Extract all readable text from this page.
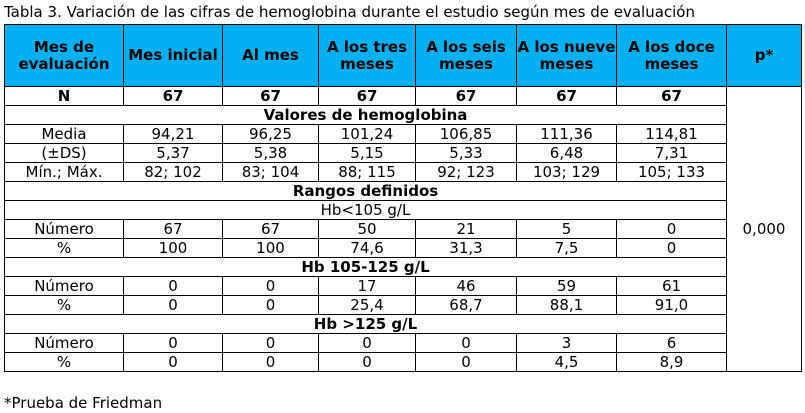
Tabla 3. Variación de las cifras de hemoglobina durante el estudio según mes de evaluación
Mes de evaluación	Mes inicial	Al mes	A los tres meses	A los seis meses	A los nueve meses	A los doce meses	p*
N	67	67	67	67	67	67	0,000
Valores de hemoglobina							
Media	94,21	96,25	101,24	106,85	111,36	114,81	
(±DS)	5,37	5,38	5,15	5,33	6,48	7,31	
Mín.; Máx.	82; 102	83; 104	88; 115	92; 123	103; 129	105; 133	
Rangos definidos							
Hb<105 g/L							
Número	67	67	50	21	5	0	
%	100	100	74,6	31,3	7,5	0	
Hb 105-125 g/L							
Número	0	0	17	46	59	61	
%	0	0	25,4	68,7	88,1	91,0	
Hb >125 g/L							
Número	0	0	0	0	3	6	
%	0	0	0	0	4,5	8,9	
*Prueba de Friedman
